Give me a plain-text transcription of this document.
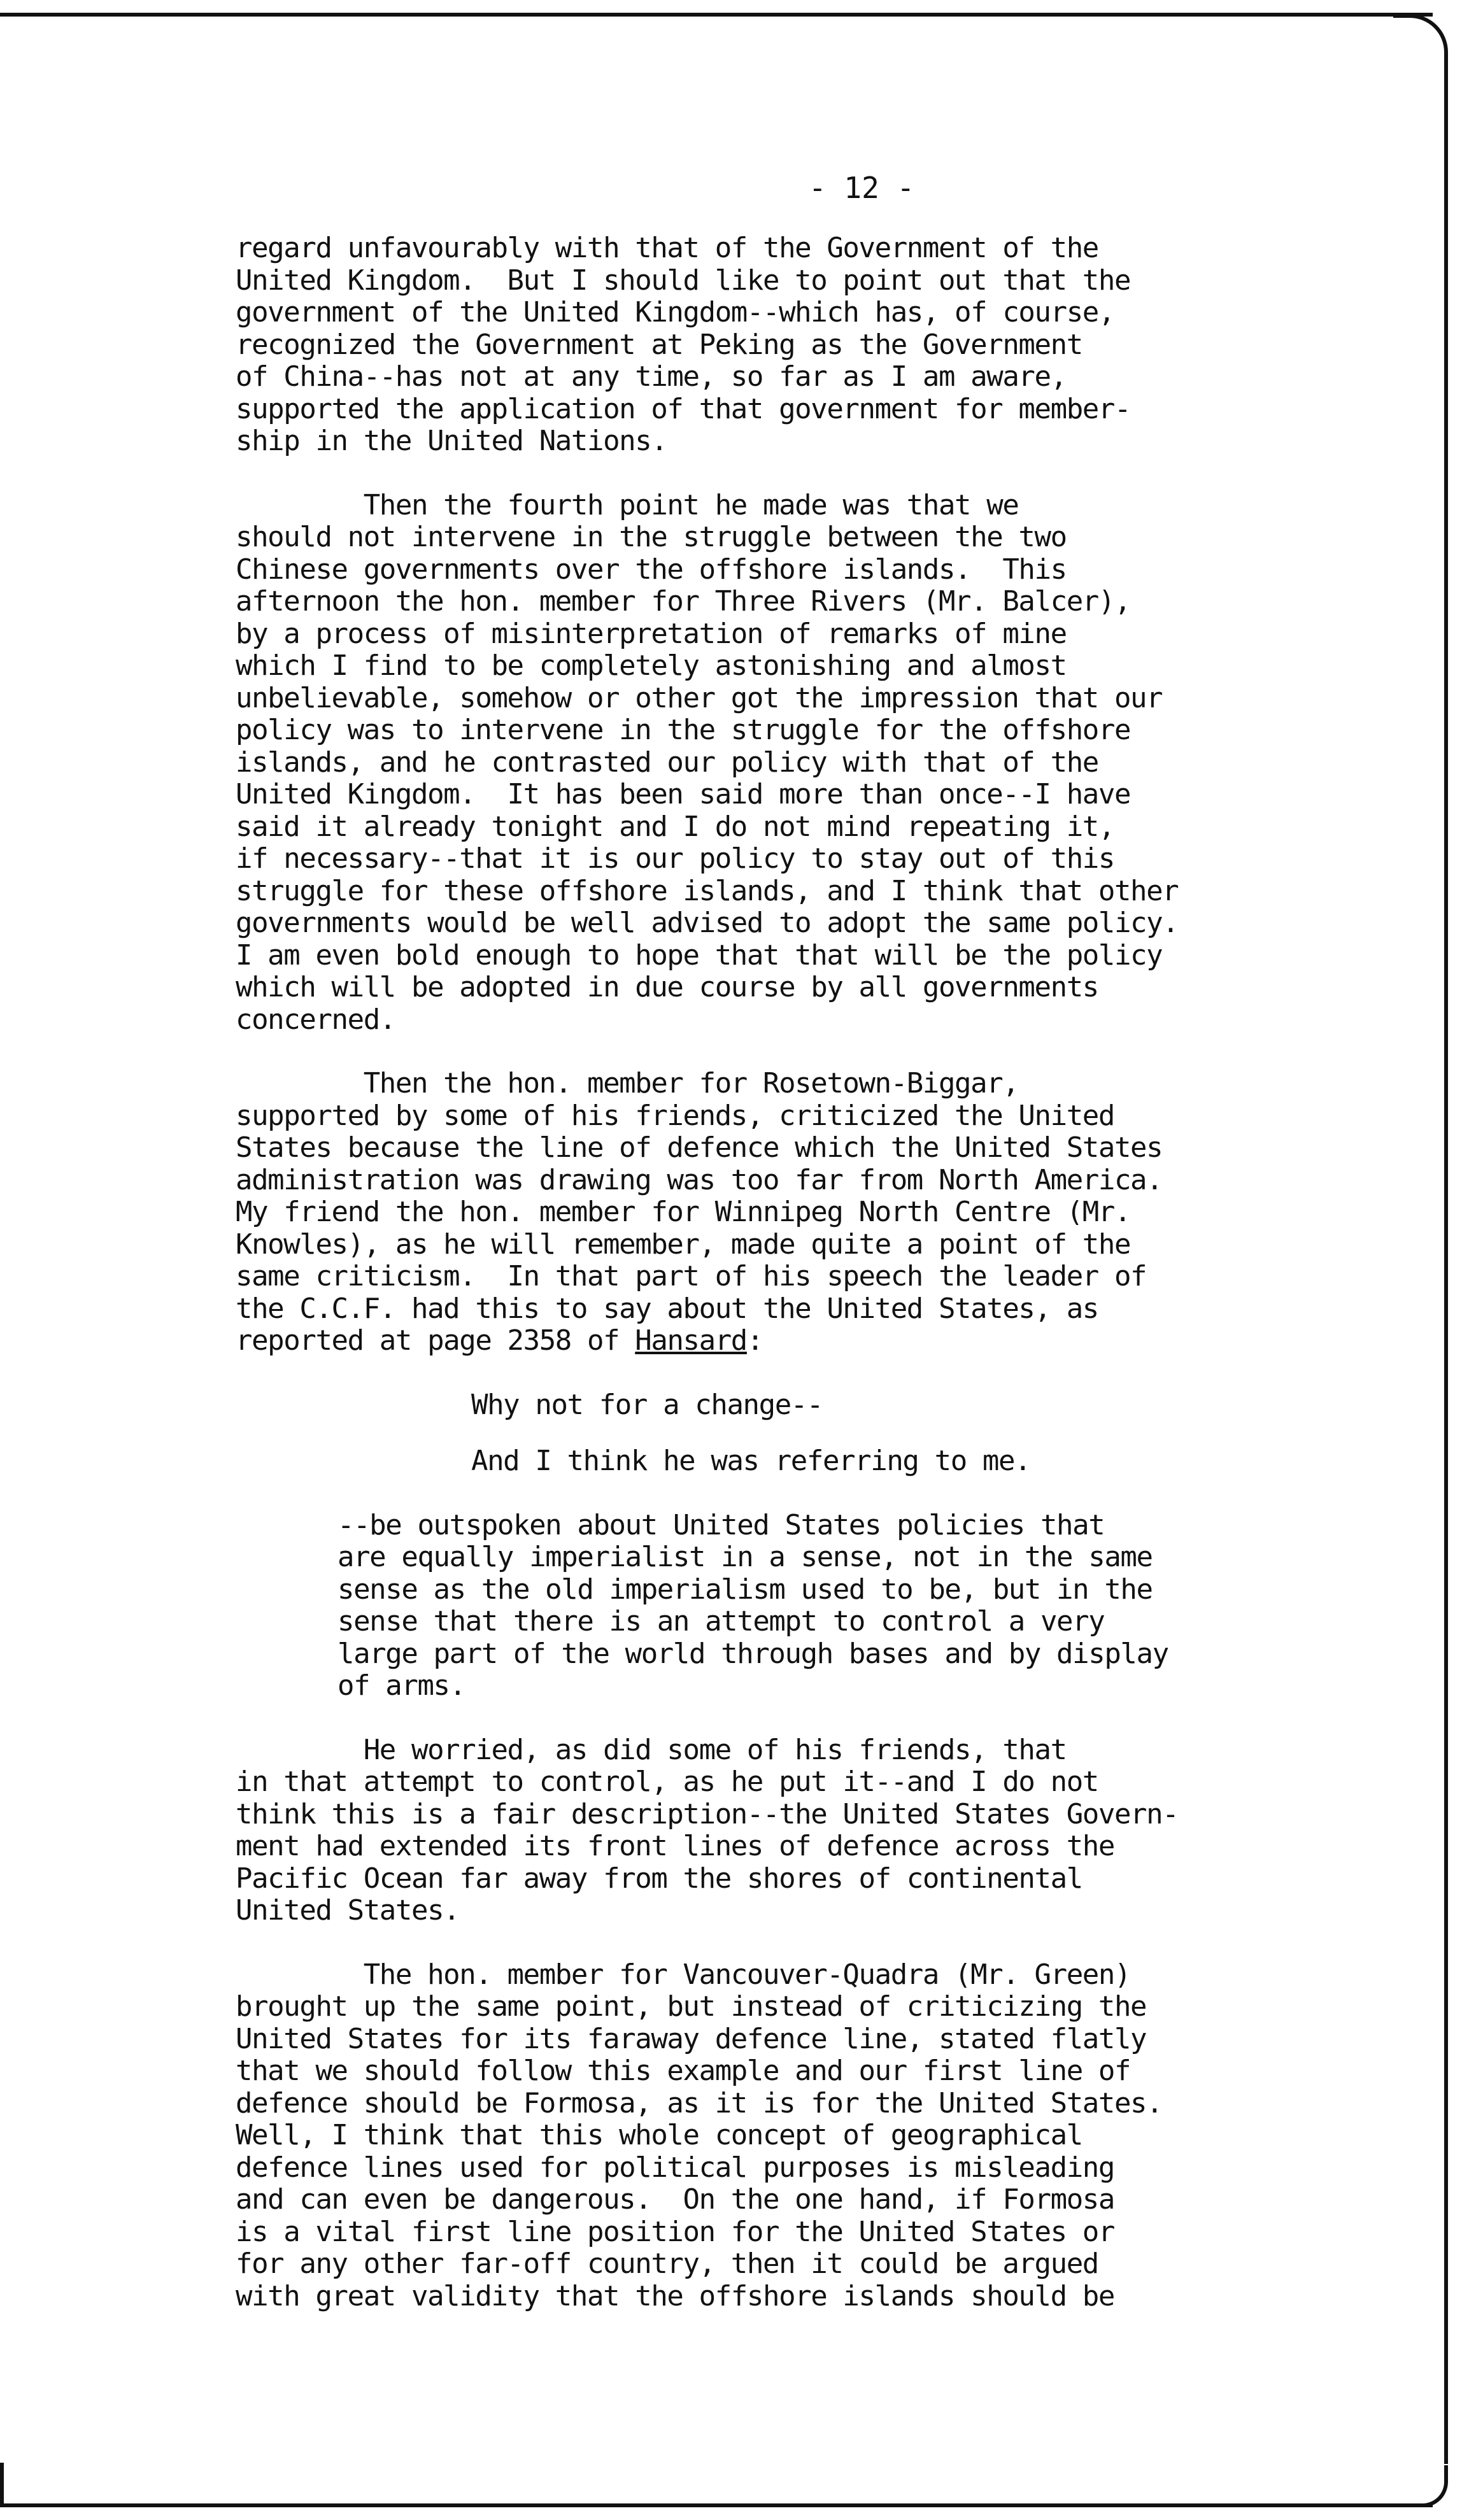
- 12 -
regard unfavourably with that of the Government of the
United Kingdom.  But I should like to point out that the
government of the United Kingdom--which has, of course,
recognized the Government at Peking as the Government
of China--has not at any time, so far as I am aware,
supported the application of that government for member-
ship in the United Nations.
Then the fourth point he made was that we
should not intervene in the struggle between the two
Chinese governments over the offshore islands.  This
afternoon the hon. member for Three Rivers (Mr. Balcer),
by a process of misinterpretation of remarks of mine
which I find to be completely astonishing and almost
unbelievable, somehow or other got the impression that our
policy was to intervene in the struggle for the offshore
islands, and he contrasted our policy with that of the
United Kingdom.  It has been said more than once--I have
said it already tonight and I do not mind repeating it,
if necessary--that it is our policy to stay out of this
struggle for these offshore islands, and I think that other
governments would be well advised to adopt the same policy.
I am even bold enough to hope that that will be the policy
which will be adopted in due course by all governments
concerned.
Then the hon. member for Rosetown-Biggar,
supported by some of his friends, criticized the United
States because the line of defence which the United States
administration was drawing was too far from North America.
My friend the hon. member for Winnipeg North Centre (Mr.
Knowles), as he will remember, made quite a point of the
same criticism.  In that part of his speech the leader of
the C.C.F. had this to say about the United States, as
reported at page 2358 of Hansard:
Why not for a change--
And I think he was referring to me.
--be outspoken about United States policies that
are equally imperialist in a sense, not in the same
sense as the old imperialism used to be, but in the
sense that there is an attempt to control a very
large part of the world through bases and by display
of arms.
He worried, as did some of his friends, that
in that attempt to control, as he put it--and I do not
think this is a fair description--the United States Govern-
ment had extended its front lines of defence across the
Pacific Ocean far away from the shores of continental
United States.
The hon. member for Vancouver-Quadra (Mr. Green)
brought up the same point, but instead of criticizing the
United States for its faraway defence line, stated flatly
that we should follow this example and our first line of
defence should be Formosa, as it is for the United States.
Well, I think that this whole concept of geographical
defence lines used for political purposes is misleading
and can even be dangerous.  On the one hand, if Formosa
is a vital first line position for the United States or
for any other far-off country, then it could be argued
with great validity that the offshore islands should be
